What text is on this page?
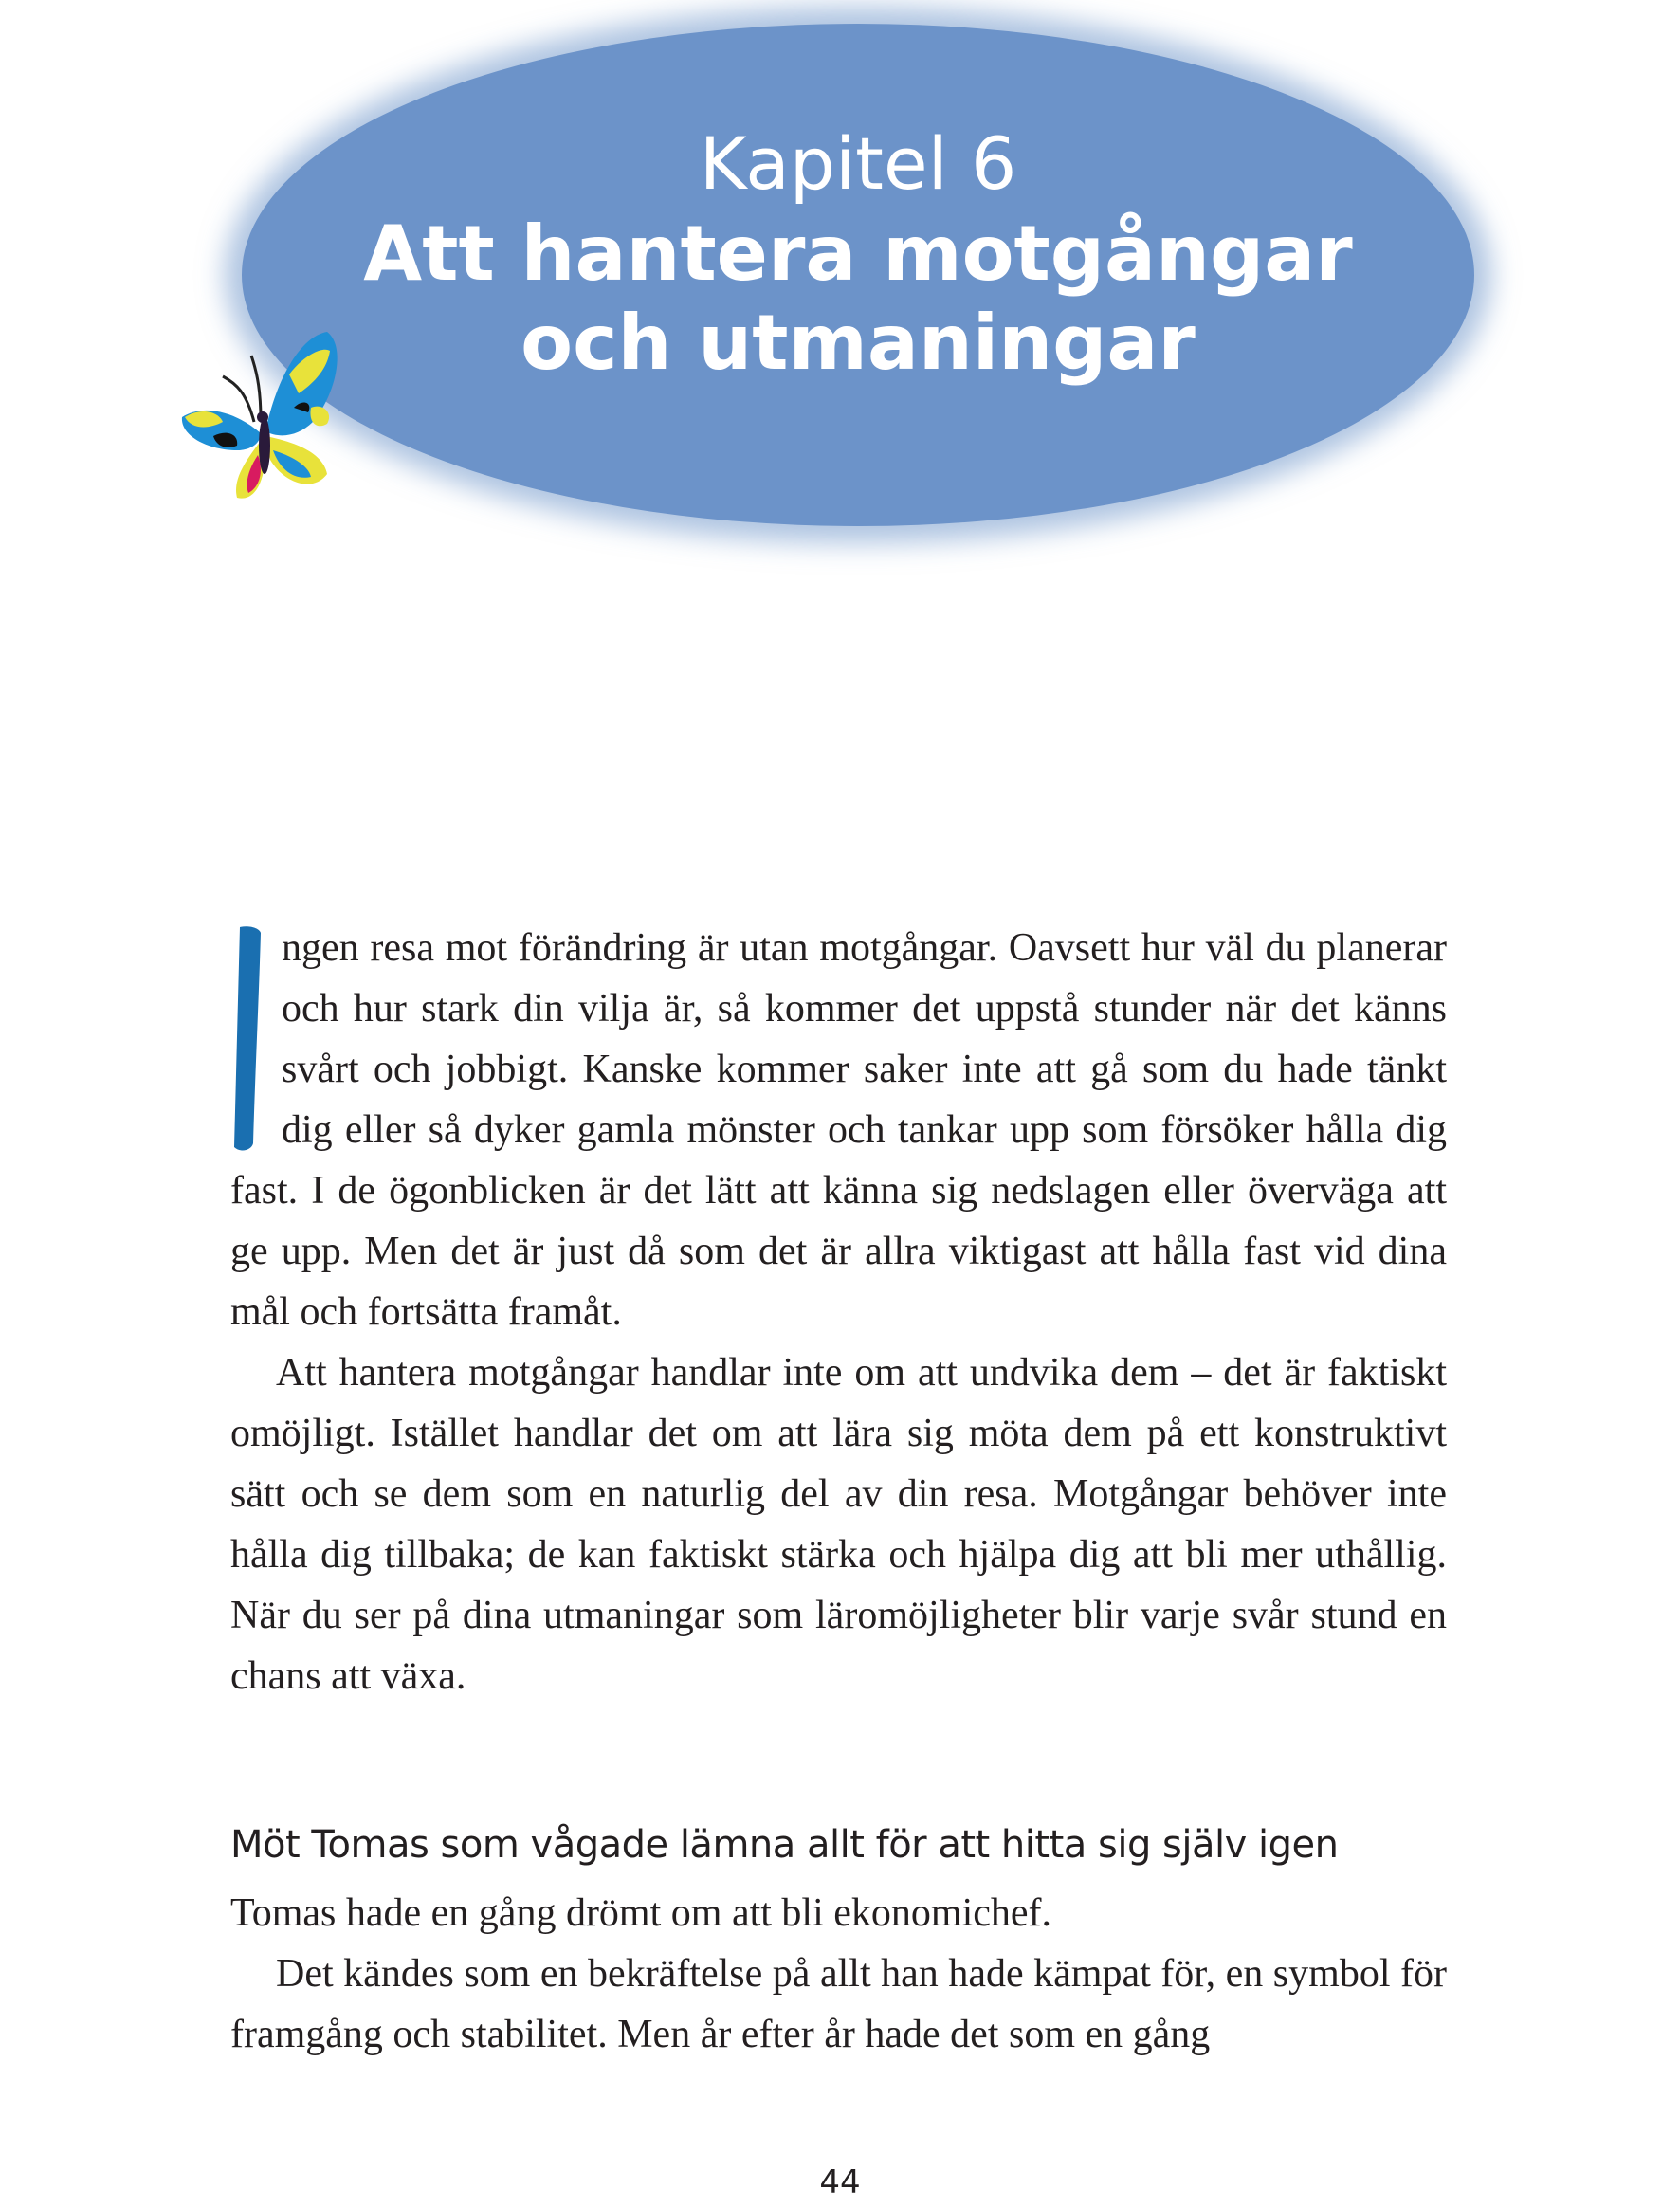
Kapitel 6
Att hantera motgångar
och utmaningar

ngen resa mot förändring är utan motgångar. Oavsett hur väl du planerar och hur stark din vilja är, så kommer det uppstå stunder när det känns svårt och jobbigt. Kanske kommer saker inte att gå som du hade tänkt dig eller så dyker gamla mönster och tankar upp som försöker hålla dig fast. I de ögonblicken är det lätt att känna sig nedslagen eller överväga att ge upp. Men det är just då som det är allra viktigast att hålla fast vid dina mål och fortsätta framåt.

Att hantera motgångar handlar inte om att undvika dem – det är faktiskt omöjligt. Istället handlar det om att lära sig möta dem på ett konstruktivt sätt och se dem som en naturlig del av din resa. Motgångar behöver inte hålla dig tillbaka; de kan faktiskt stärka och hjälpa dig att bli mer uthållig. När du ser på dina utmaningar som läromöjligheter blir varje svår stund en chans att växa.

Möt Tomas som vågade lämna allt för att hitta sig själv igen

Tomas hade en gång drömt om att bli ekonomichef.

Det kändes som en bekräftelse på allt han hade kämpat för, en symbol för framgång och stabilitet. Men år efter år hade det som en gång

44
